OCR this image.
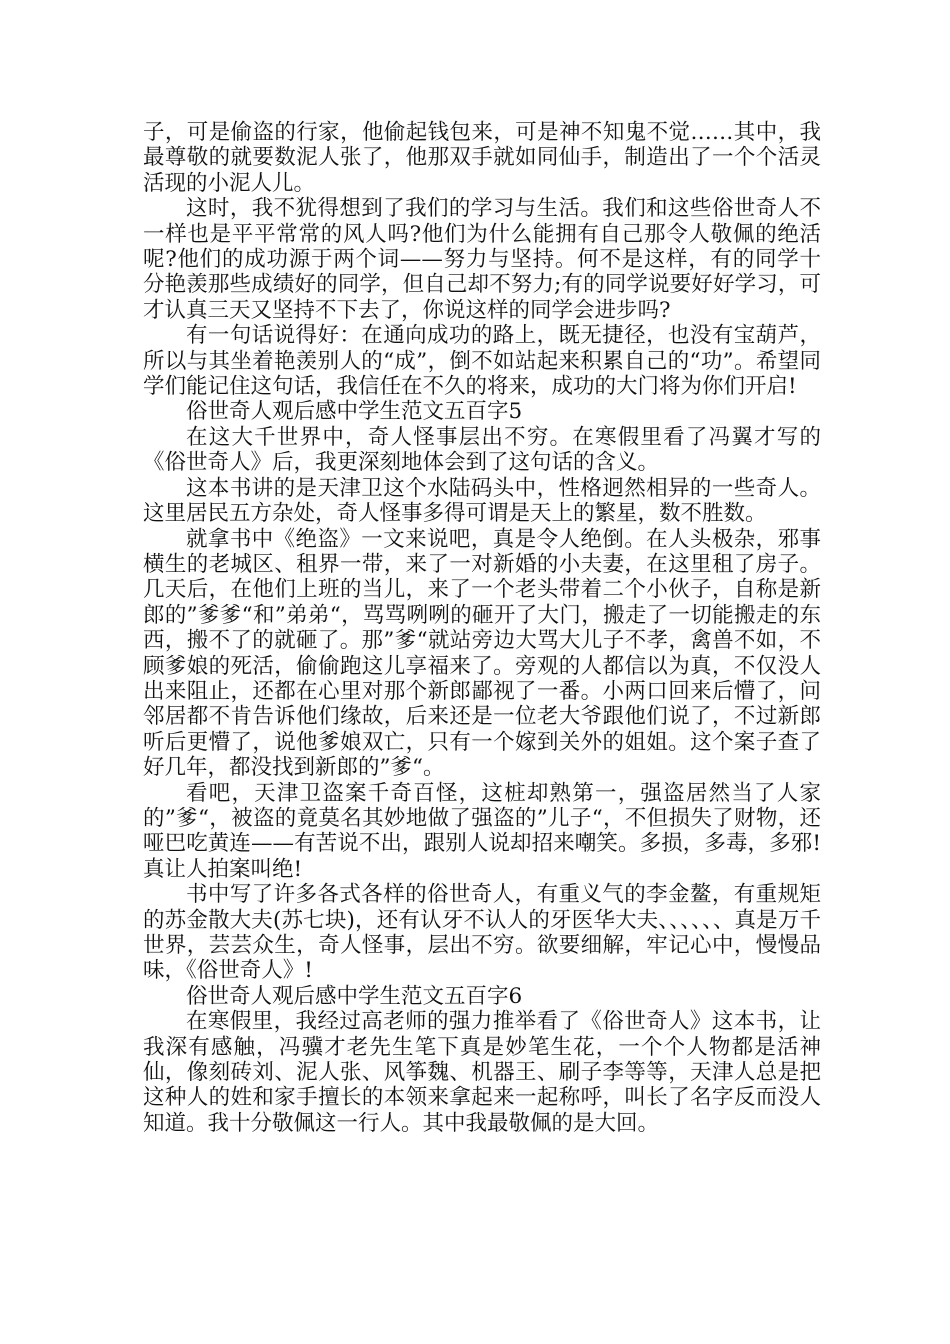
子，可是偷盗的行家，他偷起钱包来，可是神不知鬼不觉……其中，我最尊敬的就要数泥人张了，他那双手就如同仙手，制造出了一个个活灵活现的小泥人儿。

这时，我不犹得想到了我们的学习与生活。我们和这些俗世奇人不一样也是平平常常的风人吗?他们为什么能拥有自己那令人敬佩的绝活呢?他们的成功源于两个词——努力与坚持。何不是这样，有的同学十分艳羡那些成绩好的同学，但自己却不努力;有的同学说要好好学习，可才认真三天又坚持不下去了，你说这样的同学会进步吗?

有一句话说得好：在通向成功的路上，既无捷径，也没有宝葫芦，所以与其坐着艳羡别人的“成”，倒不如站起来积累自己的“功”。希望同学们能记住这句话，我信任在不久的将来，成功的大门将为你们开启!

俗世奇人观后感中学生范文五百字5

在这大千世界中，奇人怪事层出不穷。在寒假里看了冯翼才写的《俗世奇人》后，我更深刻地体会到了这句话的含义。

这本书讲的是天津卫这个水陆码头中，性格迥然相异的一些奇人。这里居民五方杂处，奇人怪事多得可谓是天上的繁星，数不胜数。

就拿书中《绝盗》一文来说吧，真是令人绝倒。在人头极杂，邪事横生的老城区、租界一带，来了一对新婚的小夫妻，在这里租了房子。几天后，在他们上班的当儿，来了一个老头带着二个小伙子，自称是新郎的”爹爹“和”弟弟“，骂骂咧咧的砸开了大门，搬走了一切能搬走的东西，搬不了的就砸了。那”爹“就站旁边大骂大儿子不孝，禽兽不如，不顾爹娘的死活，偷偷跑这儿享福来了。旁观的人都信以为真，不仅没人出来阻止，还都在心里对那个新郎鄙视了一番。小两口回来后懵了，问邻居都不肯告诉他们缘故，后来还是一位老大爷跟他们说了，不过新郎听后更懵了，说他爹娘双亡，只有一个嫁到关外的姐姐。这个案子查了好几年，都没找到新郎的”爹“。

看吧，天津卫盗案千奇百怪，这桩却熟第一，强盗居然当了人家的”爹“，被盗的竟莫名其妙地做了强盗的”儿子“，不但损失了财物，还哑巴吃黄连——有苦说不出，跟别人说却招来嘲笑。多损，多毒，多邪!真让人拍案叫绝!

书中写了许多各式各样的俗世奇人，有重义气的李金鳌，有重规矩的苏金散大夫(苏七块)，还有认牙不认人的牙医华大夫、、、、、、真是万千世界，芸芸众生，奇人怪事，层出不穷。欲要细解，牢记心中，慢慢品味，《俗世奇人》!

俗世奇人观后感中学生范文五百字6

在寒假里，我经过高老师的强力推举看了《俗世奇人》这本书，让我深有感触，冯骥才老先生笔下真是妙笔生花，一个个人物都是活神仙，像刻砖刘、泥人张、风筝魏、机器王、刷子李等等，天津人总是把这种人的姓和家手擅长的本领来拿起来一起称呼，叫长了名字反而没人知道。我十分敬佩这一行人。其中我最敬佩的是大回。
